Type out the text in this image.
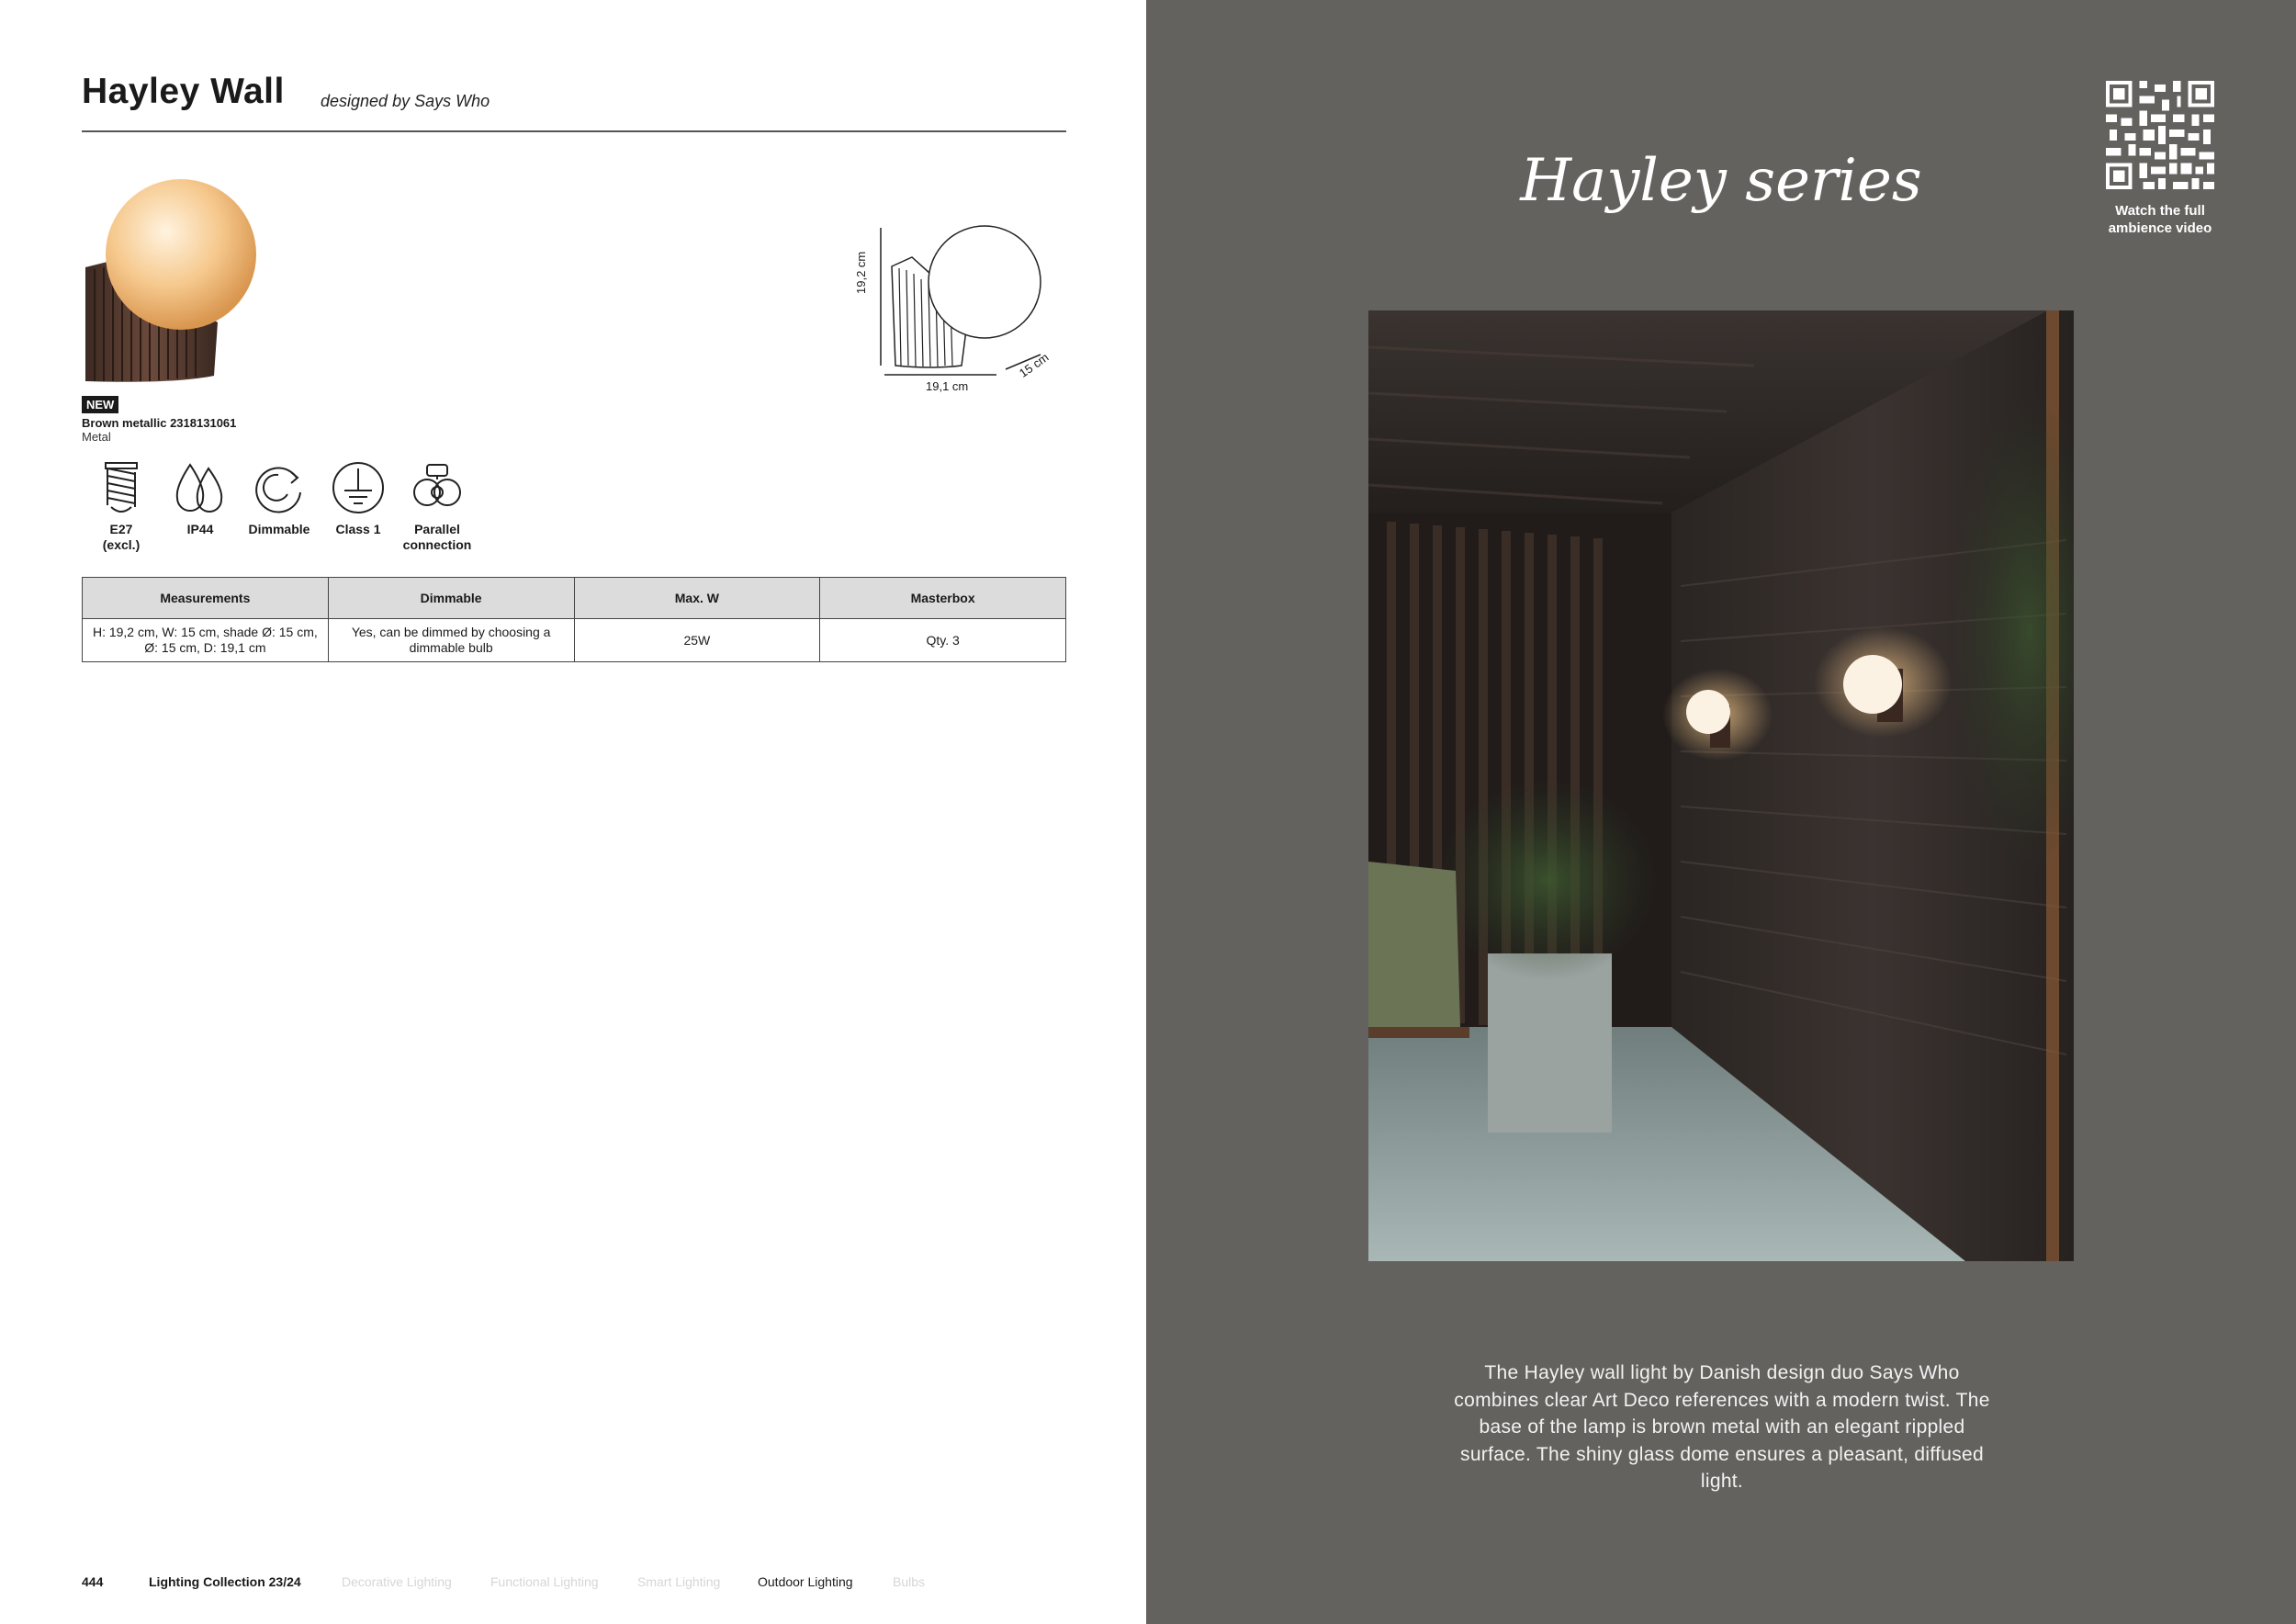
Hayley Wall designed by Says Who
NEW
Brown metallic 2318131061
Metal
E27
(excl.)
IP44	Dimmable Class 1	Parallel
connection
19,2 cm
19,1 cm
15 cm
Measurements	Dimmable	Max. W	Masterbox
H: 19,2 cm, W: 15 cm, shade Ø: 15 cm, Ø: 15 cm, D: 19,1 cm	Yes, can be dimmed by choosing a dimmable bulb	25W	Qty. 3
444	Lighting Collection 23/24	Decorative Lighting	Functional Lighting	Smart Lighting	Outdoor Lighting	Bulbs
Hayley series	Watch the full
ambience video
The Hayley wall light by Danish design duo Says Who combines clear Art Deco references with a modern twist. The base of the lamp is brown metal with an elegant rippled surface. The shiny glass dome ensures a pleasant, diffused light.
